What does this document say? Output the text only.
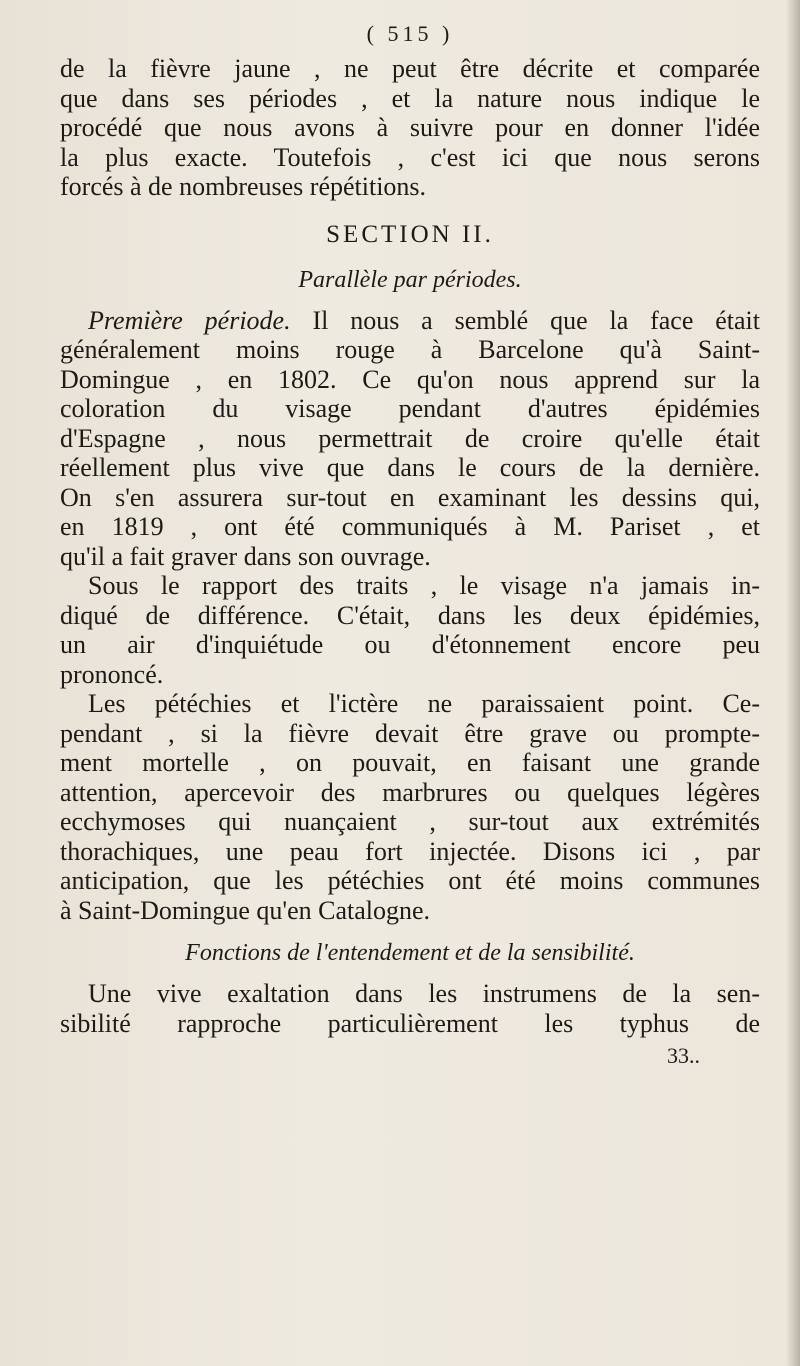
( 515 )

de la fièvre jaune , ne peut être décrite et comparée
que dans ses périodes , et la nature nous indique le
procédé que nous avons à suivre pour en donner l'idée
la plus exacte. Toutefois , c'est ici que nous serons
forcés à de nombreuses répétitions.

SECTION II.
Parallèle par périodes.

Première période. Il nous a semblé que la face était
généralement moins rouge à Barcelone qu'à Saint-
Domingue , en 1802. Ce qu'on nous apprend sur la
coloration du visage pendant d'autres épidémies
d'Espagne , nous permettrait de croire qu'elle était
réellement plus vive que dans le cours de la dernière.
On s'en assurera sur-tout en examinant les dessins qui,
en 1819 , ont été communiqués à M. Pariset , et
qu'il a fait graver dans son ouvrage.

Sous le rapport des traits , le visage n'a jamais in-
diqué de différence. C'était, dans les deux épidémies,
un air d'inquiétude ou d'étonnement encore peu
prononcé.

Les pétéchies et l'ictère ne paraissaient point. Ce-
pendant , si la fièvre devait être grave ou prompte-
ment mortelle , on pouvait, en faisant une grande
attention, apercevoir des marbrures ou quelques légères
ecchymoses qui nuançaient , sur-tout aux extrémités
thorachiques, une peau fort injectée. Disons ici , par
anticipation, que les pétéchies ont été moins communes
à Saint-Domingue qu'en Catalogne.

Fonctions de l'entendement et de la sensibilité.

Une vive exaltation dans les instrumens de la sen-
sibilité rapproche particulièrement les typhus de

33..
